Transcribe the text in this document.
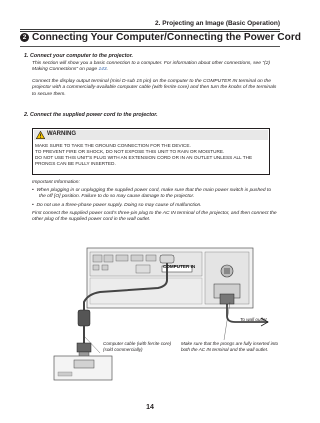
2. Projecting an Image (Basic Operation)
2 Connecting Your Computer/Connecting the Power Cord
1. Connect your computer to the projector.
This section will show you a basic connection to a computer. For information about other connections, see "(2)
Making Connections" on page 143.
Connect the display output terminal (mini D-sub 15 pin) on the computer to the COMPUTER IN terminal on the
projector with a commercially-available computer cable (with ferrite core) and then turn the knobs of the terminals
to secure them.
2. Connect the supplied power cord to the projector.
WARNING
MAKE SURE TO TAKE THE GROUND CONNECTION FOR THE DEVICE.
TO PREVENT FIRE OR SHOCK, DO NOT EXPOSE THIS UNIT TO RAIN OR MOISTURE.
DO NOT USE THIS UNIT'S PLUG WITH AN EXTENSION CORD OR IN AN OUTLET UNLESS ALL THE
PRONGS CAN BE FULLY INSERTED.
Important Information:
•  When plugging in or unplugging the supplied power cord, make sure that the main power switch is pushed to
the off [O] position. Failure to do so may cause damage to the projector.
•  Do not use a three-phase power supply. Doing so may cause of malfunction.
First connect the supplied power cord's three-pin plug to the AC IN terminal of the projector, and then connect the
other plug of the supplied power cord in the wall outlet.
COMPUTER IN
To wall outlet
Computer cable (with ferrite core)
(sold commercially)
Make sure that the prongs are fully inserted into
both the AC IN terminal and the wall outlet.
14
